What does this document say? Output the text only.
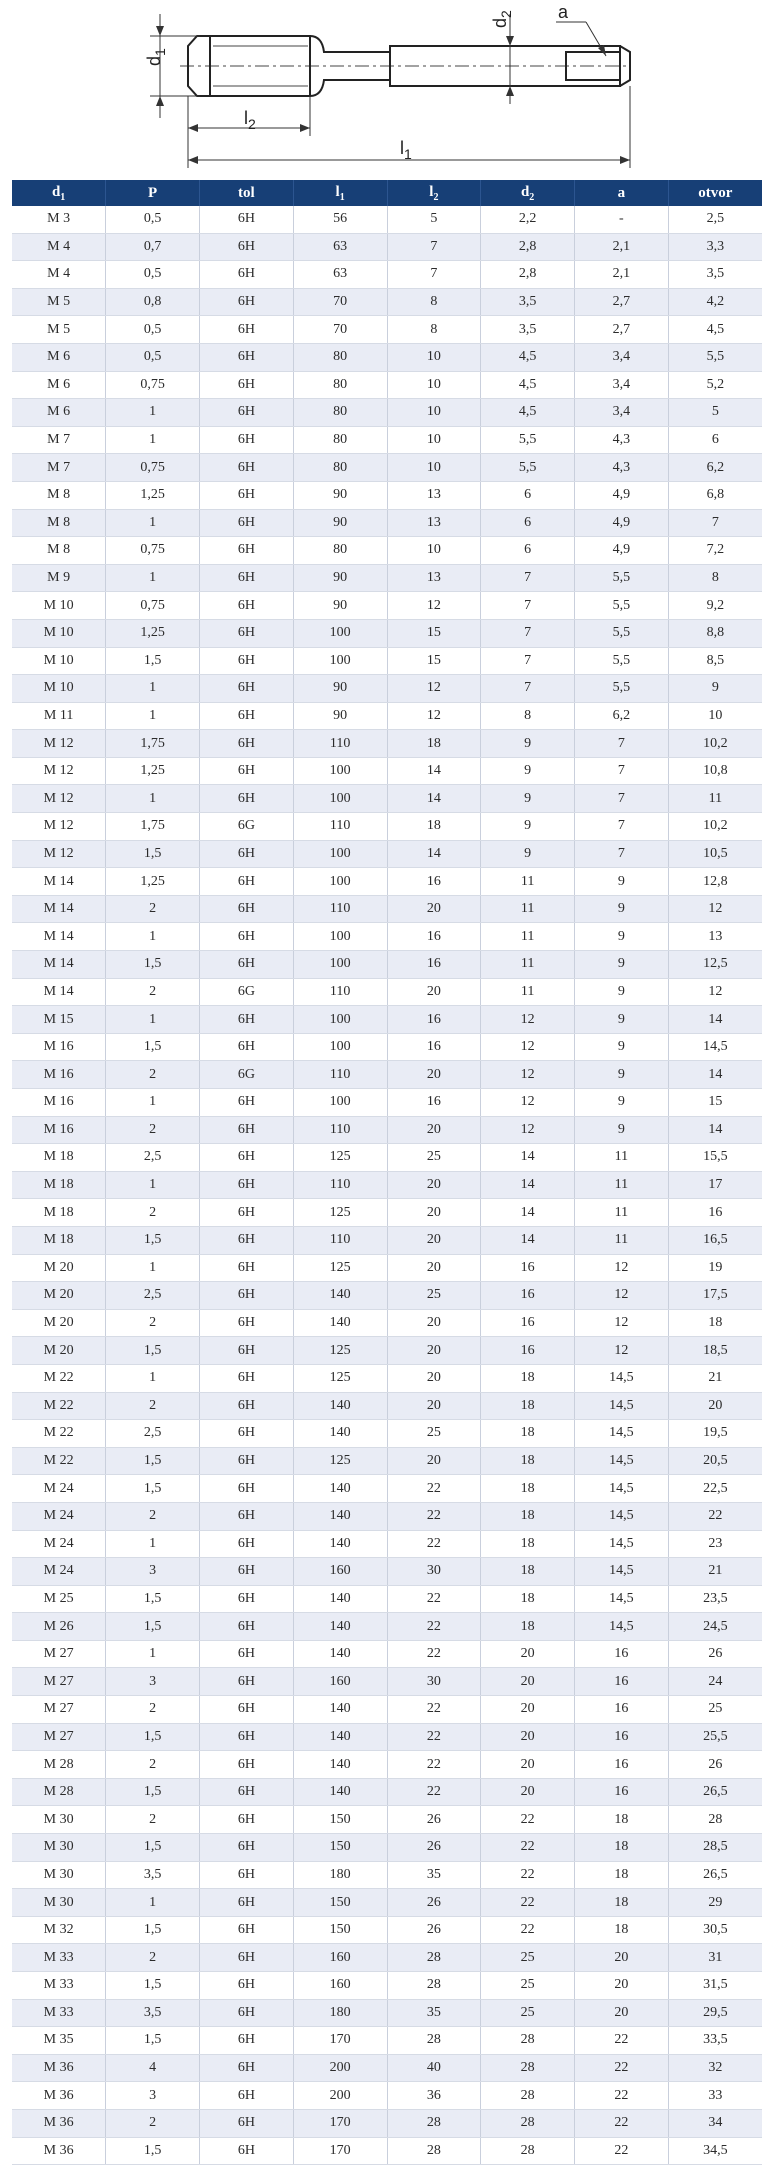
$d_1$
$d_2$ a
$l_2$
$l_1$
$d_1$	P	tol	$l_1$	$l_2$	$d_2$	a	otvor
M 3	0,5	6H	56	5	2,2	-	2,5
M 4	0,7	6H	63	7	2,8	2,1	3,3
M 4	0,5	6H	63	7	2,8	2,1	3,5
M 5	0,8	6H	70	8	3,5	2,7	4,2
M 5	0,5	6H	70	8	3,5	2,7	4,5
M 6	0,5	6H	80	10	4,5	3,4	5,5
M 6	0,75	6H	80	10	4,5	3,4	5,2
M 6	1	6H	80	10	4,5	3,4	5
M 7	1	6H	80	10	5,5	4,3	6
M 7	0,75	6H	80	10	5,5	4,3	6,2
M 8	1,25	6H	90	13	6	4,9	6,8
M 8	1	6H	90	13	6	4,9	7
M 8	0,75	6H	80	10	6	4,9	7,2
M 9	1	6H	90	13	7	5,5	8
M 10	0,75	6H	90	12	7	5,5	9,2
M 10	1,25	6H	100	15	7	5,5	8,8
M 10	1,5	6H	100	15	7	5,5	8,5
M 10	1	6H	90	12	7	5,5	9
M 11	1	6H	90	12	8	6,2	10
M 12	1,75	6H	110	18	9	7	10,2
M 12	1,25	6H	100	14	9	7	10,8
M 12	1	6H	100	14	9	7	11
M 12	1,75	6G	110	18	9	7	10,2
M 12	1,5	6H	100	14	9	7	10,5
M 14	1,25	6H	100	16	11	9	12,8
M 14	2	6H	110	20	11	9	12
M 14	1	6H	100	16	11	9	13
M 14	1,5	6H	100	16	11	9	12,5
M 14	2	6G	110	20	11	9	12
M 15	1	6H	100	16	12	9	14
M 16	1,5	6H	100	16	12	9	14,5
M 16	2	6G	110	20	12	9	14
M 16	1	6H	100	16	12	9	15
M 16	2	6H	110	20	12	9	14
M 18	2,5	6H	125	25	14	11	15,5
M 18	1	6H	110	20	14	11	17
M 18	2	6H	125	20	14	11	16
M 18	1,5	6H	110	20	14	11	16,5
M 20	1	6H	125	20	16	12	19
M 20	2,5	6H	140	25	16	12	17,5
M 20	2	6H	140	20	16	12	18
M 20	1,5	6H	125	20	16	12	18,5
M 22	1	6H	125	20	18	14,5	21
M 22	2	6H	140	20	18	14,5	20
M 22	2,5	6H	140	25	18	14,5	19,5
M 22	1,5	6H	125	20	18	14,5	20,5
M 24	1,5	6H	140	22	18	14,5	22,5
M 24	2	6H	140	22	18	14,5	22
M 24	1	6H	140	22	18	14,5	23
M 24	3	6H	160	30	18	14,5	21
M 25	1,5	6H	140	22	18	14,5	23,5
M 26	1,5	6H	140	22	18	14,5	24,5
M 27	1	6H	140	22	20	16	26
M 27	3	6H	160	30	20	16	24
M 27	2	6H	140	22	20	16	25
M 27	1,5	6H	140	22	20	16	25,5
M 28	2	6H	140	22	20	16	26
M 28	1,5	6H	140	22	20	16	26,5
M 30	2	6H	150	26	22	18	28
M 30	1,5	6H	150	26	22	18	28,5
M 30	3,5	6H	180	35	22	18	26,5
M 30	1	6H	150	26	22	18	29
M 32	1,5	6H	150	26	22	18	30,5
M 33	2	6H	160	28	25	20	31
M 33	1,5	6H	160	28	25	20	31,5
M 33	3,5	6H	180	35	25	20	29,5
M 35	1,5	6H	170	28	28	22	33,5
M 36	4	6H	200	40	28	22	32
M 36	3	6H	200	36	28	22	33
M 36	2	6H	170	28	28	22	34
M 36	1,5	6H	170	28	28	22	34,5
